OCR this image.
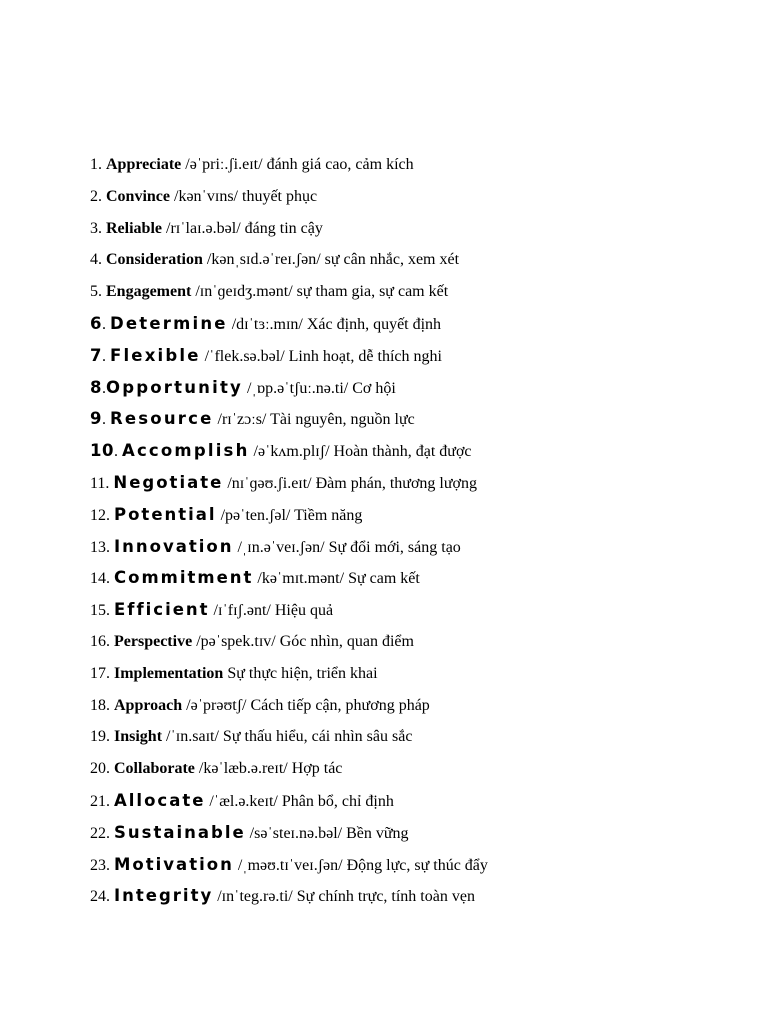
1. Appreciate /əˈpriː.ʃi.eɪt/ đánh giá cao, cảm kích
2. Convince /kənˈvɪns/ thuyết phục
3. Reliable /rɪˈlaɪ.ə.bəl/ đáng tin cậy
4. Consideration /kənˌsɪd.əˈreɪ.ʃən/ sự cân nhắc, xem xét
5. Engagement /ɪnˈɡeɪdʒ.mənt/ sự tham gia, sự cam kết
6. Determine /dɪˈtɜː.mɪn/ Xác định, quyết định
7. Flexible /ˈflek.sə.bəl/ Linh hoạt, dễ thích nghi
8.Opportunity /ˌɒp.əˈtʃuː.nə.ti/ Cơ hội
9. Resource /rɪˈzɔːs/ Tài nguyên, nguồn lực
10. Accomplish /əˈkʌm.plɪʃ/ Hoàn thành, đạt được
11. Negotiate /nɪˈɡəʊ.ʃi.eɪt/ Đàm phán, thương lượng
12. Potential /pəˈten.ʃəl/ Tiềm năng
13. Innovation /ˌɪn.əˈveɪ.ʃən/ Sự đổi mới, sáng tạo
14. Commitment /kəˈmɪt.mənt/ Sự cam kết
15. Efficient /ɪˈfɪʃ.ənt/ Hiệu quả
16. Perspective /pəˈspek.tɪv/ Góc nhìn, quan điểm
17. Implementation Sự thực hiện, triển khai
18. Approach /əˈprəʊtʃ/ Cách tiếp cận, phương pháp
19. Insight /ˈɪn.saɪt/ Sự thấu hiểu, cái nhìn sâu sắc
20. Collaborate /kəˈlæb.ə.reɪt/ Hợp tác
21. Allocate /ˈæl.ə.keɪt/ Phân bổ, chỉ định
22. Sustainable /səˈsteɪ.nə.bəl/ Bền vững
23. Motivation /ˌməʊ.tɪˈveɪ.ʃən/ Động lực, sự thúc đẩy
24. Integrity /ɪnˈteg.rə.ti/ Sự chính trực, tính toàn vẹn
